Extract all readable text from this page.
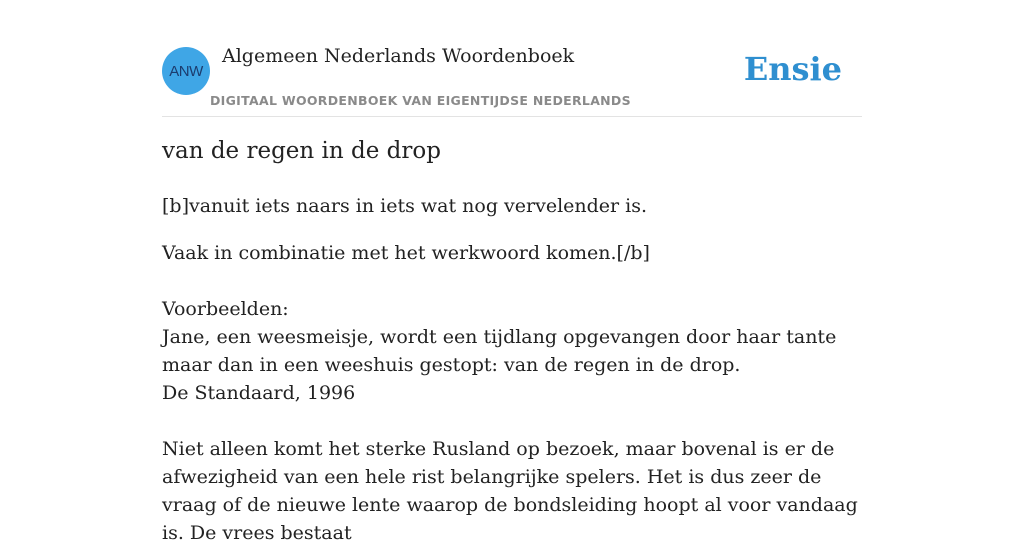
ANW
Algemeen Nederlands Woordenboek
DIGITAAL WOORDENBOEK VAN EIGENTIJDSE NEDERLANDS
Ensie
van de regen in de drop

[b]vanuit iets naars in iets wat nog vervelender is.

Vaak in combinatie met het werkwoord komen.[/b]

Voorbeelden:

Jane, een weesmeisje, wordt een tijdlang opgevangen door haar tante maar dan in een weeshuis gestopt: van de regen in de drop.

De Standaard, 1996

Niet alleen komt het sterke Rusland op bezoek, maar bovenal is er de afwezigheid van een hele rist belangrijke spelers. Het is dus zeer de vraag of de nieuwe lente waarop de bondsleiding hoopt al voor vandaag is. De vrees bestaat
